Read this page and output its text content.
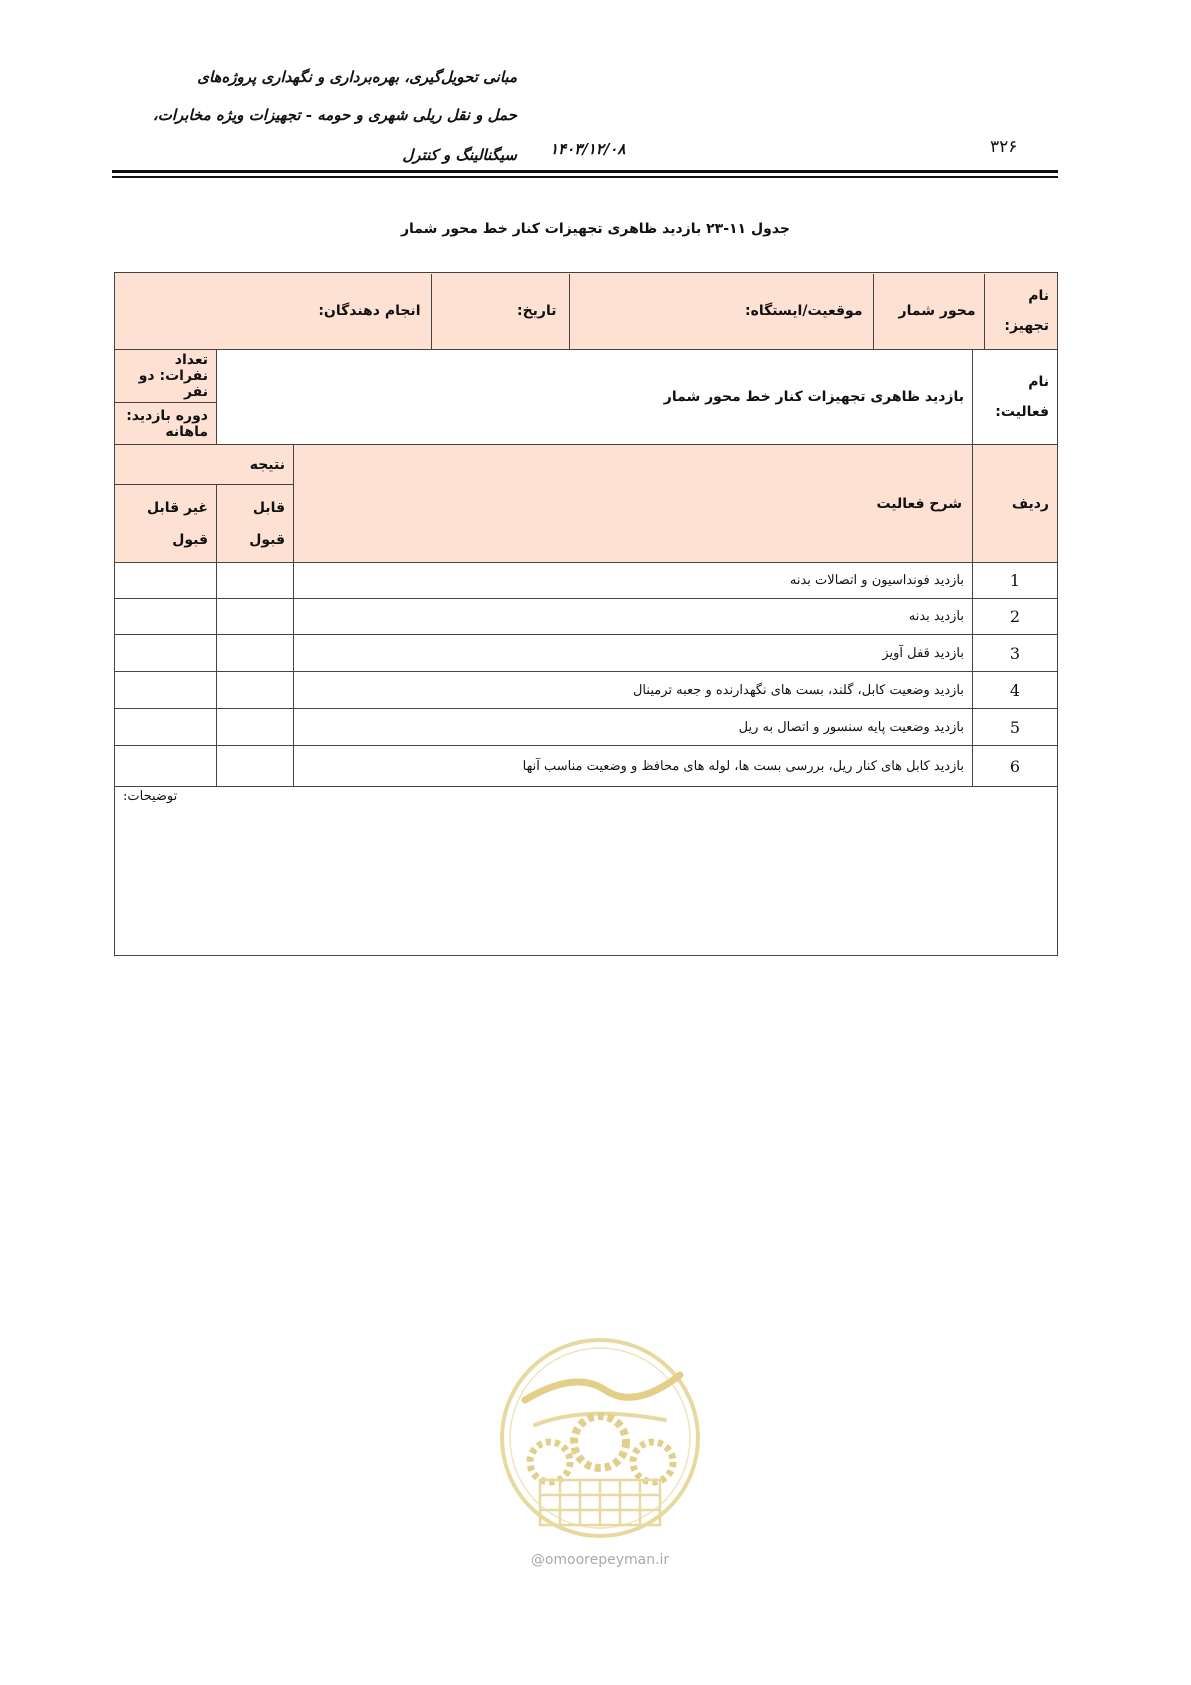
مبانی تحویل‌گیری، بهره‌برداری و نگهداری پروژه‌های
حمل و نقل ریلی شهری و حومه - تجهیزات ویژه مخابرات،
سیگنالینگ و کنترل ۱۴۰۳/۱۲/۰۸	۳۲۶
جدول ۱۱-۲۳ بازدید ظاهری تجهیزات کنار خط محور شمار
نام تجهیز:	محور شمار	موقعیت/ایستگاه:	تاریخ:	انجام دهندگان:

نام فعالیت:	بازدید ظاهری تجهیزات کنار خط محور شمار	تعداد نفرات: دو نفر
دوره بازدید: ماهانه
ردیف	شرح فعالیت	نتیجه
قابل قبول	غیر قابل قبول
1	بازدید فونداسیون و اتصالات بدنه		
2	بازدید بدنه		
3	بازدید قفل آویز		
4	بازدید وضعیت کابل، گلند، بست های نگهدارنده و جعبه ترمینال		
5	بازدید وضعیت پایه سنسور و اتصال به ریل		
6	بازدید کابل های کنار ریل، بررسی بست ها، لوله های محافظ و وضعیت مناسب آنها		

توضیحات:
@omoorepeyman.ir
